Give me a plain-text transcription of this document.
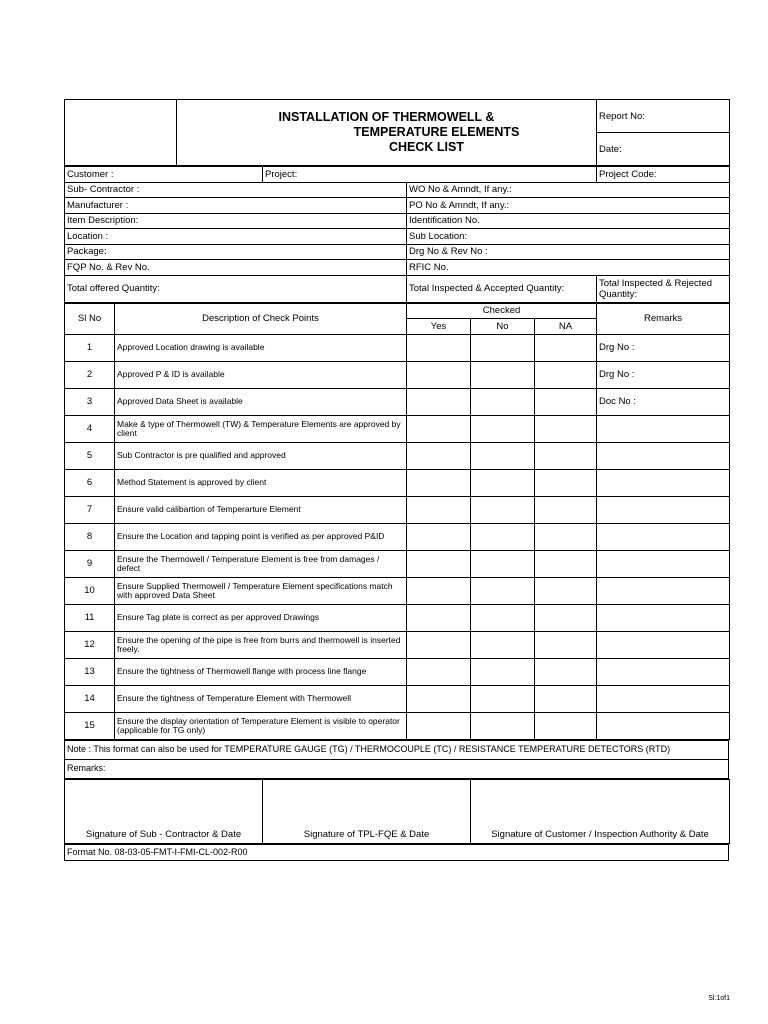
INSTALLATION OF THERMOWELL &
TEMPERATURE ELEMENTS
CHECK LIST
	Report No:
Date:
Customer :	Project:		Project Code:
Sub- Contractor :		WO No & Amndt, If any.:	
Manufacturer :		PO No & Amndt, If any.:	
Item Description:		Identification No.	
Location :		Sub Location:	
Package:		Drg No & Rev No :	
FQP No. & Rev No.		RFIC No.	
Total offered Quantity:		Total Inspected & Accepted Quantity:	Total Inspected & Rejected Quantity:
Sl No	Description of Check Points	Checked			Remarks
		Yes	No	NA	
1	Approved Location drawing is available				Drg No :
2	Approved P & ID is available				Drg No :
3	Approved Data Sheet is available				Doc No :
4	Make & type of Thermowell (TW) & Temperature Elements are approved by client				
5	Sub Contractor is pre qualified and approved				
6	Method Statement is approved by client				
7	Ensure valid calibartion of Temperarture Element				
8	Ensure the Location and tapping point is verified as per approved P&ID				
9	Ensure the Thermowell / Temperature Element is free from damages / defect				
10	Ensure Supplied Thermowell / Temperature Element specifications match with approved Data Sheet				
11	Ensure Tag plate is correct as per approved Drawings				
12	Ensure the opening of the pipe is free from burrs and thermowell is inserted freely.				
13	Ensure the tightness of Thermowell flange with process line flange				
14	Ensure the tightness of Temperature Element with Thermowell				
15	Ensure the display orientation of Temperature Element is visible to operator (applicable for TG only)				
Note : This format can also be used for TEMPERATURE GAUGE (TG) / THERMOCOUPLE (TC) / RESISTANCE TEMPERATURE DETECTORS (RTD)
Remarks:
Signature of Sub - Contractor & Date	Signature of TPL-FQE & Date	Signature of Customer / Inspection Authority & Date
Format No. 08-03-05-FMT-I-FMI-CL-002-R00
Sl:1of1
